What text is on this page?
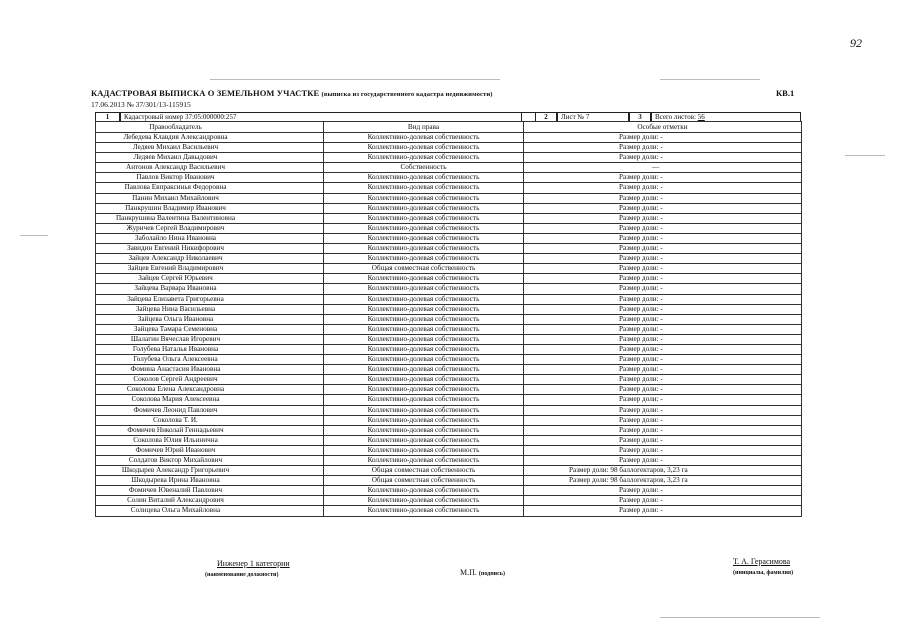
92
КАДАСТРОВАЯ ВЫПИСКА О ЗЕМЕЛЬНОМ УЧАСТКЕ (выписка из государственного кадастра недвижимости)	КВ.1
17.06.2013 № 37/301/13-115915
1	Кадастровый номер 37:05:000000:257	2	Лист № 7	3	Всего листов: 56
Правообладатель	Вид права	Особые отметки
Лебедева Клавдия Александровна	Коллективно-долевая собственность	Размер доли: -
Ледяев Михаил Васильевич	Коллективно-долевая собственность	Размер доли: -
Ледяев Михаил Давыдович	Коллективно-долевая собственность	Размер доли: -
Антонов Александр Васильевич	Собственность	—
Павлов Виктор Иванович	Коллективно-долевая собственность	Размер доли: -
Павлова Евпраксинья Федоровна	Коллективно-долевая собственность	Размер доли: -
Панин Михаил Михайлович	Коллективно-долевая собственность	Размер доли: -
Панкрушин Владимир Иванович	Коллективно-долевая собственность	Размер доли: -
Панкрушина Валентина Валентиновна	Коллективно-долевая собственность	Размер доли: -
Журичев Сергей Владимирович	Коллективно-долевая собственность	Размер доли: -
Заболайло Нина Ивановна	Коллективно-долевая собственность	Размер доли: -
Завидин Евгений Никифорович	Коллективно-долевая собственность	Размер доли: -
Зайцев Александр Николаевич	Коллективно-долевая собственность	Размер доли: -
Зайцев Евгений Владимирович	Общая совместная собственность	Размер доли: -
Зайцев Сергей Юрьевич	Коллективно-долевая собственность	Размер доли: -
Зайцева Варвара Ивановна	Коллективно-долевая собственность	Размер доли: -
Зайцева Елизавета Григорьевна	Коллективно-долевая собственность	Размер доли: -
Зайцева Нина Васильевна	Коллективно-долевая собственность	Размер доли: -
Зайцева Ольга Ивановна	Коллективно-долевая собственность	Размер доли: -
Зайцева Тамара Семеновна	Коллективно-долевая собственность	Размер доли: -
Шалагин Вячеслав Игоревич	Коллективно-долевая собственность	Размер доли: -
Голубева Наталья Ивановна	Коллективно-долевая собственность	Размер доли: -
Голубева Ольга Алексеевна	Коллективно-долевая собственность	Размер доли: -
Фомина Анастасия Ивановна	Коллективно-долевая собственность	Размер доли: -
Соколов Сергей Андреевич	Коллективно-долевая собственность	Размер доли: -
Соколова Елена Александровна	Коллективно-долевая собственность	Размер доли: -
Соколова Мария Алексеевна	Коллективно-долевая собственность	Размер доли: -
Фомичев Леонид Павлович	Коллективно-долевая собственность	Размер доли: -
Соколова Т. И.	Коллективно-долевая собственность	Размер доли: -
Фомичев Николай Геннадьевич	Коллективно-долевая собственность	Размер доли: -
Соколова Юлия Ильинична	Коллективно-долевая собственность	Размер доли: -
Фомичев Юрий Иванович	Коллективно-долевая собственность	Размер доли: -
Солдатов Виктор Михайлович	Коллективно-долевая собственность	Размер доли: -
Шкодырев Александр Григорьевич	Общая совместная собственность	Размер доли: 98 баллогектаров, 3,23 га
Шкодырева Ирина Ивановна	Общая совместная собственность	Размер доли: 98 баллогектаров, 3,23 га
Фомичев Ювеналий Павлович	Коллективно-долевая собственность	Размер доли: -
Солин Виталий Александрович	Коллективно-долевая собственность	Размер доли: -
Солнцева Ольга Михайловна	Коллективно-долевая собственность	Размер доли: -
Инженер 1 категории
(наименование должности)	М.П. (подпись)
Т. А. Герасимова
(инициалы, фамилия)
